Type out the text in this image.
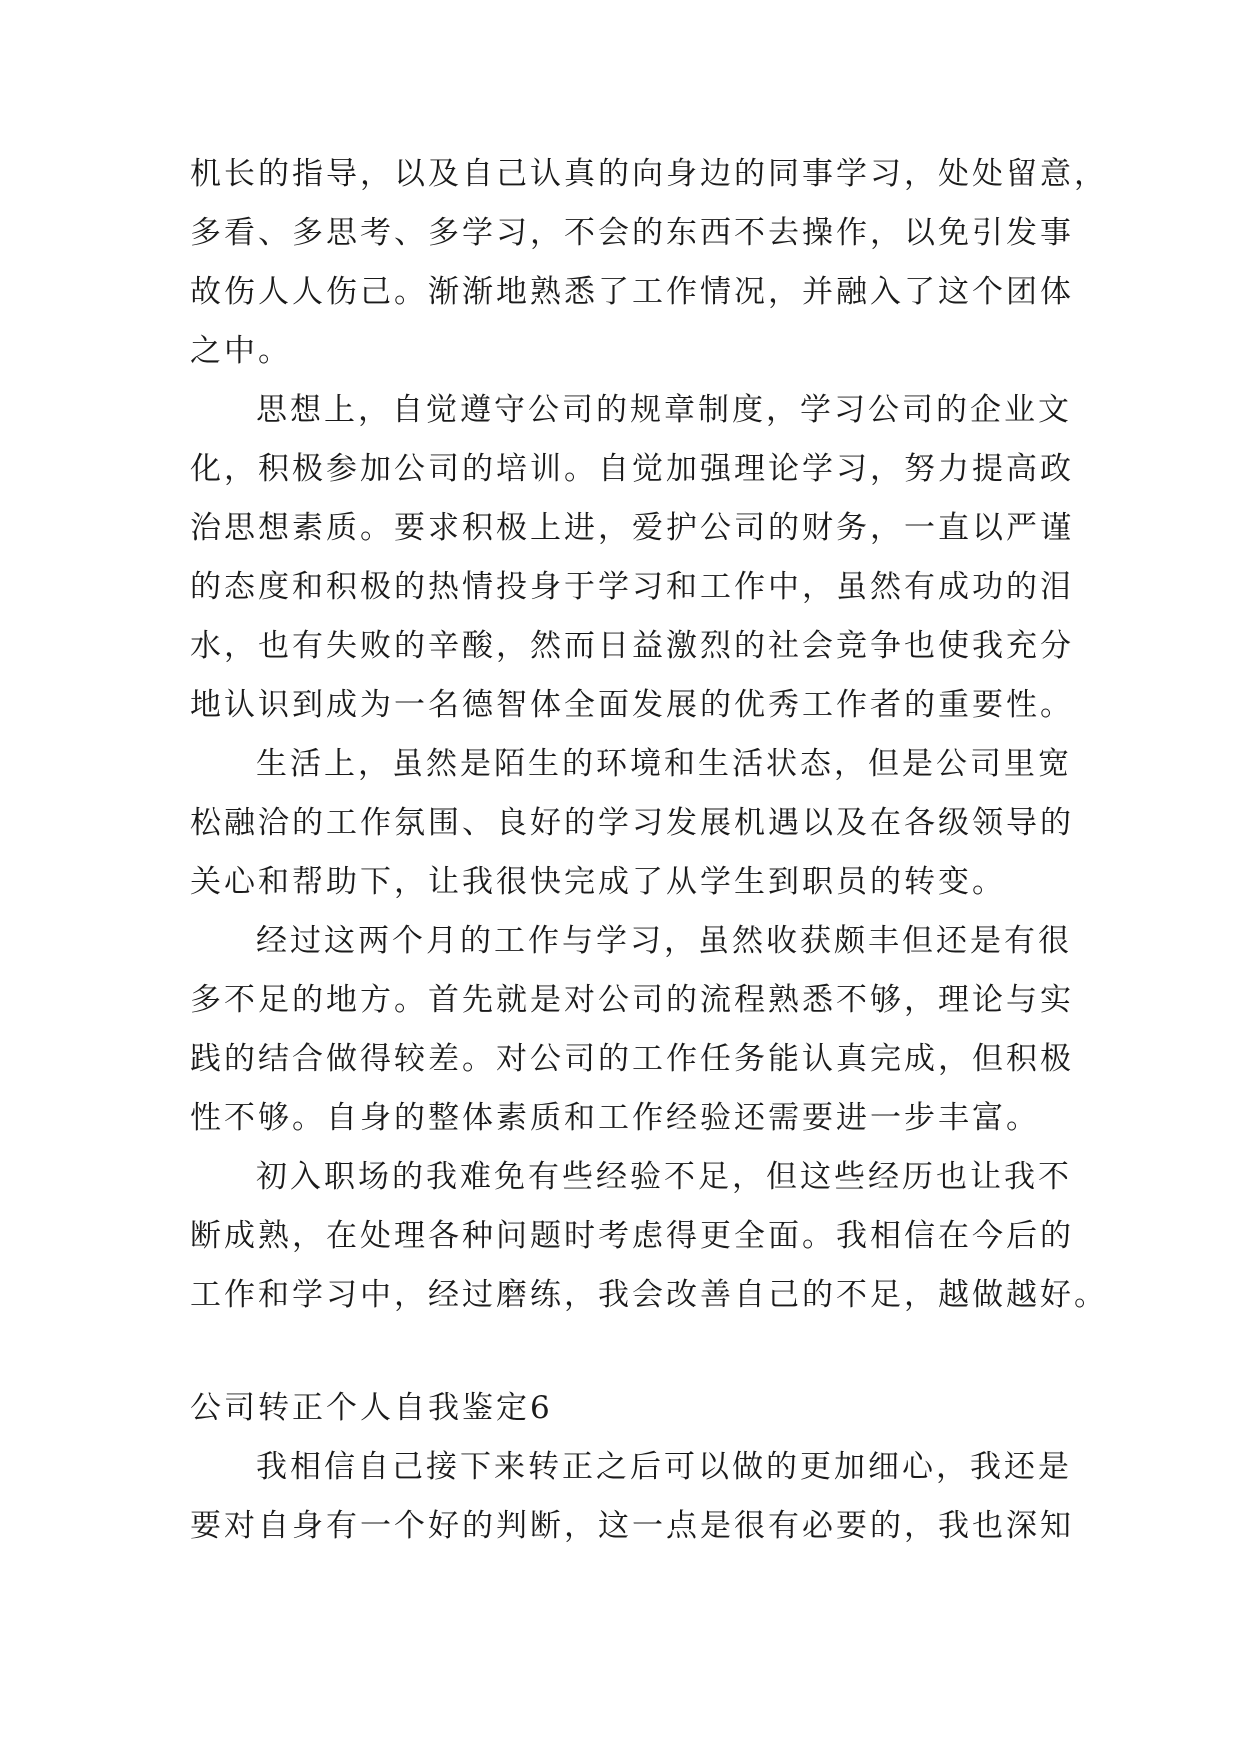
机长的指导，以及自己认真的向身边的同事学习，处处留意，
多看、多思考、多学习，不会的东西不去操作，以免引发事
故伤人人伤己。渐渐地熟悉了工作情况，并融入了这个团体
之中。
思想上，自觉遵守公司的规章制度，学习公司的企业文
化，积极参加公司的培训。自觉加强理论学习，努力提高政
治思想素质。要求积极上进，爱护公司的财务，一直以严谨
的态度和积极的热情投身于学习和工作中，虽然有成功的泪
水，也有失败的辛酸，然而日益激烈的社会竞争也使我充分
地认识到成为一名德智体全面发展的优秀工作者的重要性。
生活上，虽然是陌生的环境和生活状态，但是公司里宽
松融洽的工作氛围、良好的学习发展机遇以及在各级领导的
关心和帮助下，让我很快完成了从学生到职员的转变。
经过这两个月的工作与学习，虽然收获颇丰但还是有很
多不足的地方。首先就是对公司的流程熟悉不够，理论与实
践的结合做得较差。对公司的工作任务能认真完成，但积极
性不够。自身的整体素质和工作经验还需要进一步丰富。
初入职场的我难免有些经验不足，但这些经历也让我不
断成熟，在处理各种问题时考虑得更全面。我相信在今后的
工作和学习中，经过磨练，我会改善自己的不足，越做越好。
公司转正个人自我鉴定6
我相信自己接下来转正之后可以做的更加细心，我还是
要对自身有一个好的判断，这一点是很有必要的，我也深知
